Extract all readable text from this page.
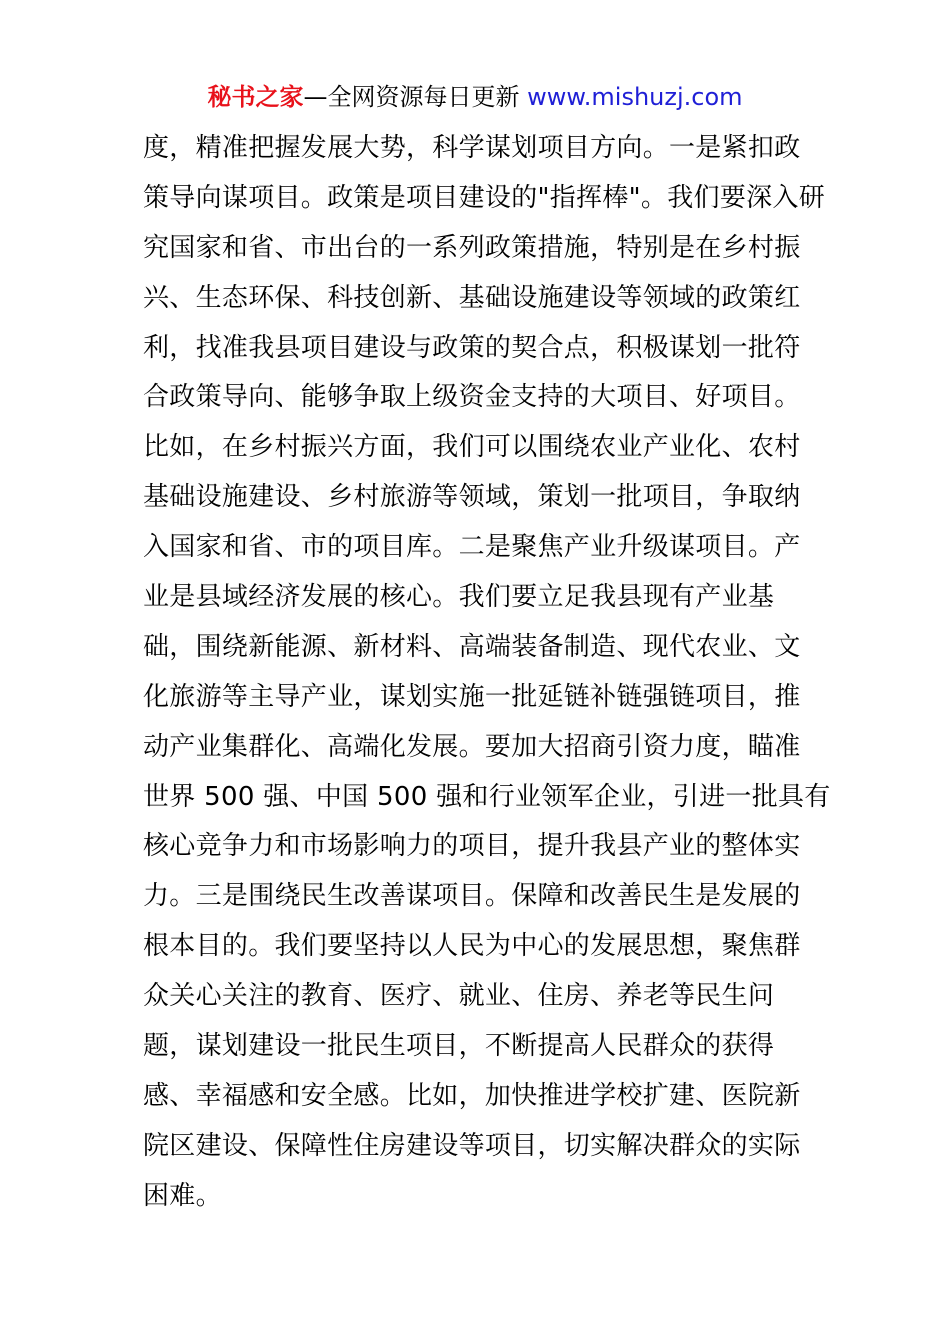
秘书之家—全网资源每日更新 www.mishuzj.com
度，精准把握发展大势，科学谋划项目方向。一是紧扣政
策导向谋项目。政策是项目建设的"指挥棒"。我们要深入研
究国家和省、市出台的一系列政策措施，特别是在乡村振
兴、生态环保、科技创新、基础设施建设等领域的政策红
利，找准我县项目建设与政策的契合点，积极谋划一批符
合政策导向、能够争取上级资金支持的大项目、好项目。
比如，在乡村振兴方面，我们可以围绕农业产业化、农村
基础设施建设、乡村旅游等领域，策划一批项目，争取纳
入国家和省、市的项目库。二是聚焦产业升级谋项目。产
业是县域经济发展的核心。我们要立足我县现有产业基
础，围绕新能源、新材料、高端装备制造、现代农业、文
化旅游等主导产业，谋划实施一批延链补链强链项目，推
动产业集群化、高端化发展。要加大招商引资力度，瞄准
世界 500 强、中国 500 强和行业领军企业，引进一批具有
核心竞争力和市场影响力的项目，提升我县产业的整体实
力。三是围绕民生改善谋项目。保障和改善民生是发展的
根本目的。我们要坚持以人民为中心的发展思想，聚焦群
众关心关注的教育、医疗、就业、住房、养老等民生问
题，谋划建设一批民生项目，不断提高人民群众的获得
感、幸福感和安全感。比如，加快推进学校扩建、医院新
院区建设、保障性住房建设等项目，切实解决群众的实际
困难。
